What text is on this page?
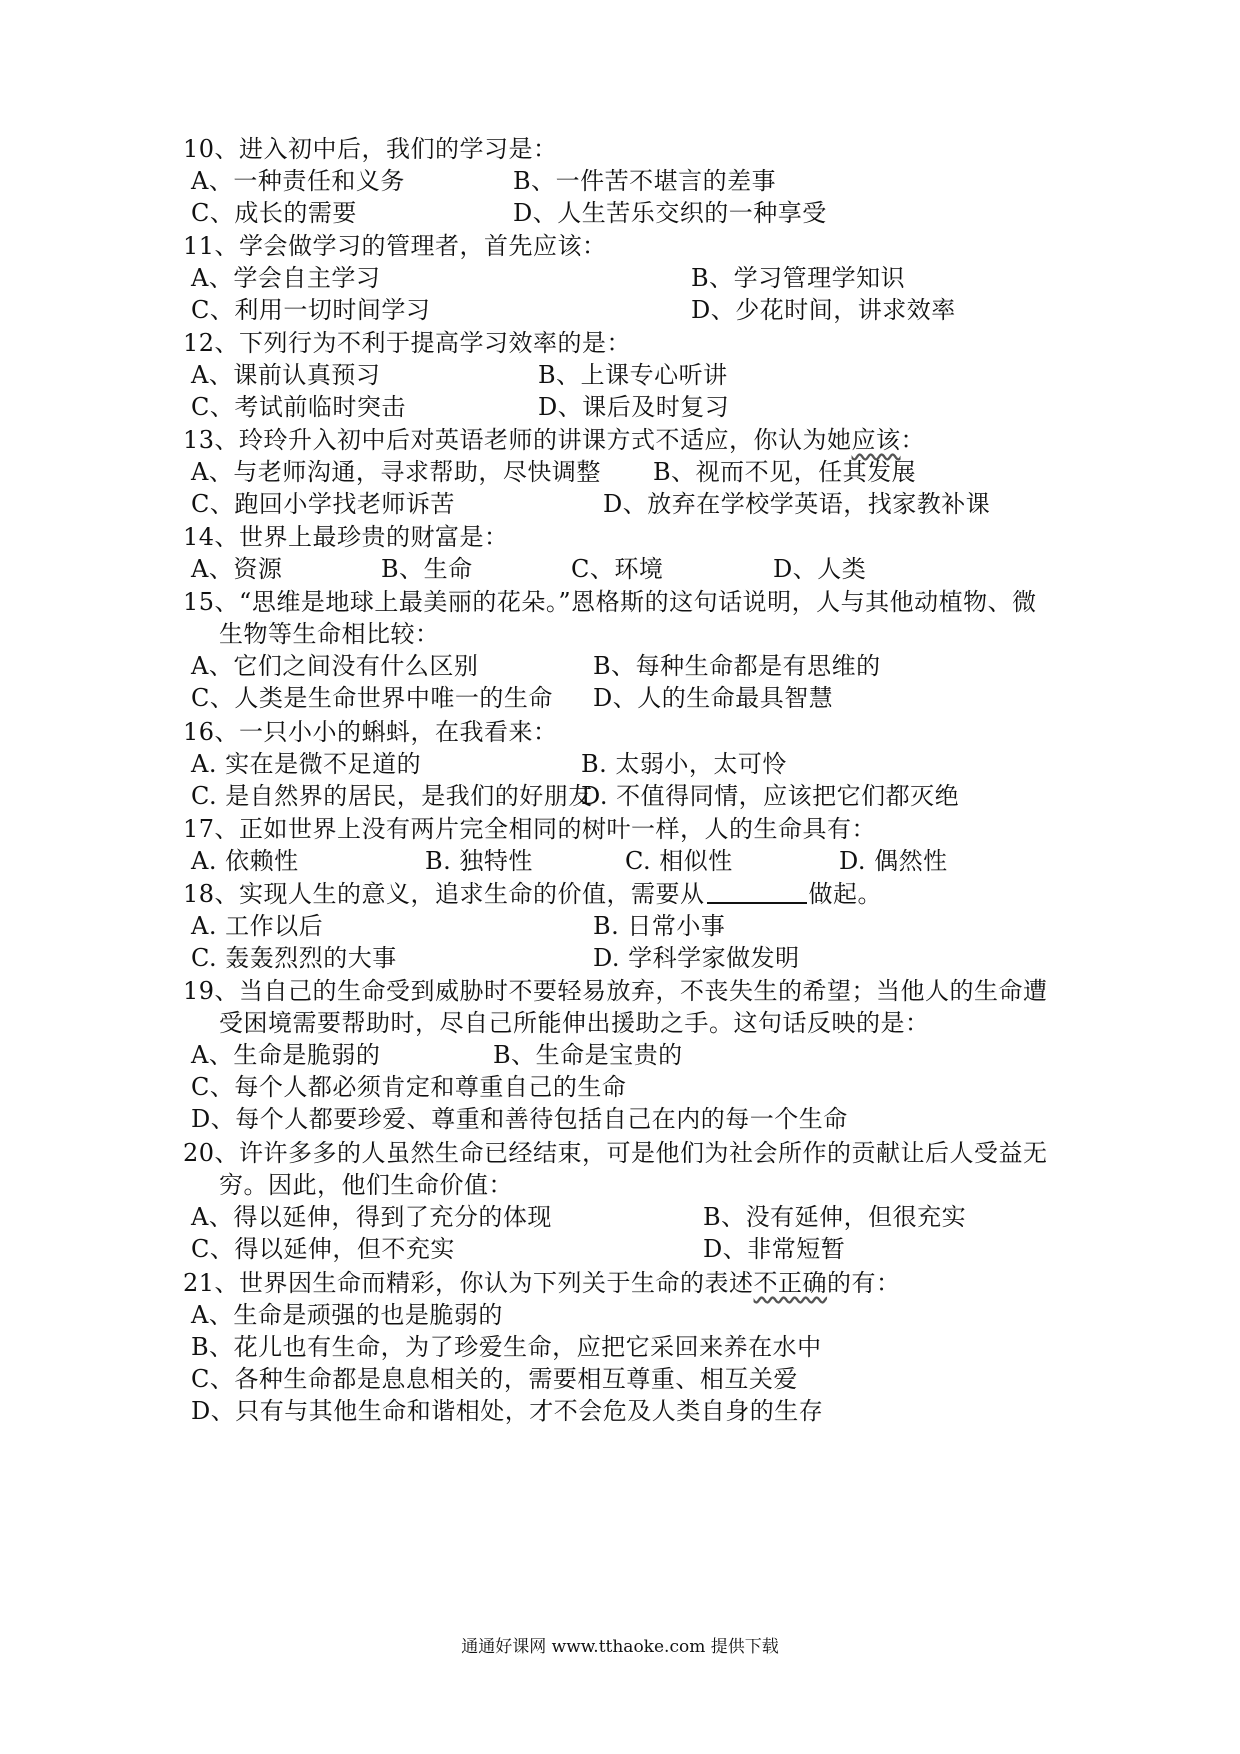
10、进入初中后，我们的学习是：
A、一种责任和义务	B、一件苦不堪言的差事
C、成长的需要	D、人生苦乐交织的一种享受
11、学会做学习的管理者，首先应该：
A、学会自主学习	B、学习管理学知识
C、利用一切时间学习	D、少花时间，讲求效率
12、下列行为不利于提高学习效率的是：
A、课前认真预习	B、上课专心听讲
C、考试前临时突击	D、课后及时复习
13、玲玲升入初中后对英语老师的讲课方式不适应，你认为她应该：
A、与老师沟通，寻求帮助，尽快调整 B、视而不见，任其发展
C、跑回小学找老师诉苦	D、放弃在学校学英语，找家教补课
14、世界上最珍贵的财富是：
A、资源	B、生命	C、环境	D、人类
15、“思维是地球上最美丽的花朵。”恩格斯的这句话说明，人与其他动植物、微
生物等生命相比较：
A、它们之间没有什么区别	B、每种生命都是有思维的
C、人类是生命世界中唯一的生命 D、人的生命最具智慧
16、一只小小的蝌蚪，在我看来：
A. 实在是微不足道的	B. 太弱小，太可怜
C. 是自然界的居民，是我们的好朋友
D. 不值得同情，应该把它们都灭绝
17、正如世界上没有两片完全相同的树叶一样，人的生命具有：
A. 依赖性	B. 独特性	C. 相似性	D. 偶然性
18、实现人生的意义，追求生命的价值，需要从	做起。
A. 工作以后	B. 日常小事
C. 轰轰烈烈的大事	D. 学科学家做发明
19、当自己的生命受到威胁时不要轻易放弃，不丧失生的希望；当他人的生命遭
受困境需要帮助时，尽自己所能伸出援助之手。这句话反映的是：
A、生命是脆弱的	B、生命是宝贵的
C、每个人都必须肯定和尊重自己的生命
D、每个人都要珍爱、尊重和善待包括自己在内的每一个生命
20、许许多多的人虽然生命已经结束，可是他们为社会所作的贡献让后人受益无
穷。因此，他们生命价值：
A、得以延伸，得到了充分的体现	B、没有延伸，但很充实
C、得以延伸，但不充实	D、非常短暂
21、世界因生命而精彩，你认为下列关于生命的表述不正确的有：
A、生命是顽强的也是脆弱的
B、花儿也有生命，为了珍爱生命，应把它采回来养在水中
C、各种生命都是息息相关的，需要相互尊重、相互关爱
D、只有与其他生命和谐相处，才不会危及人类自身的生存
通通好课网 www.tthaoke.com 提供下载
